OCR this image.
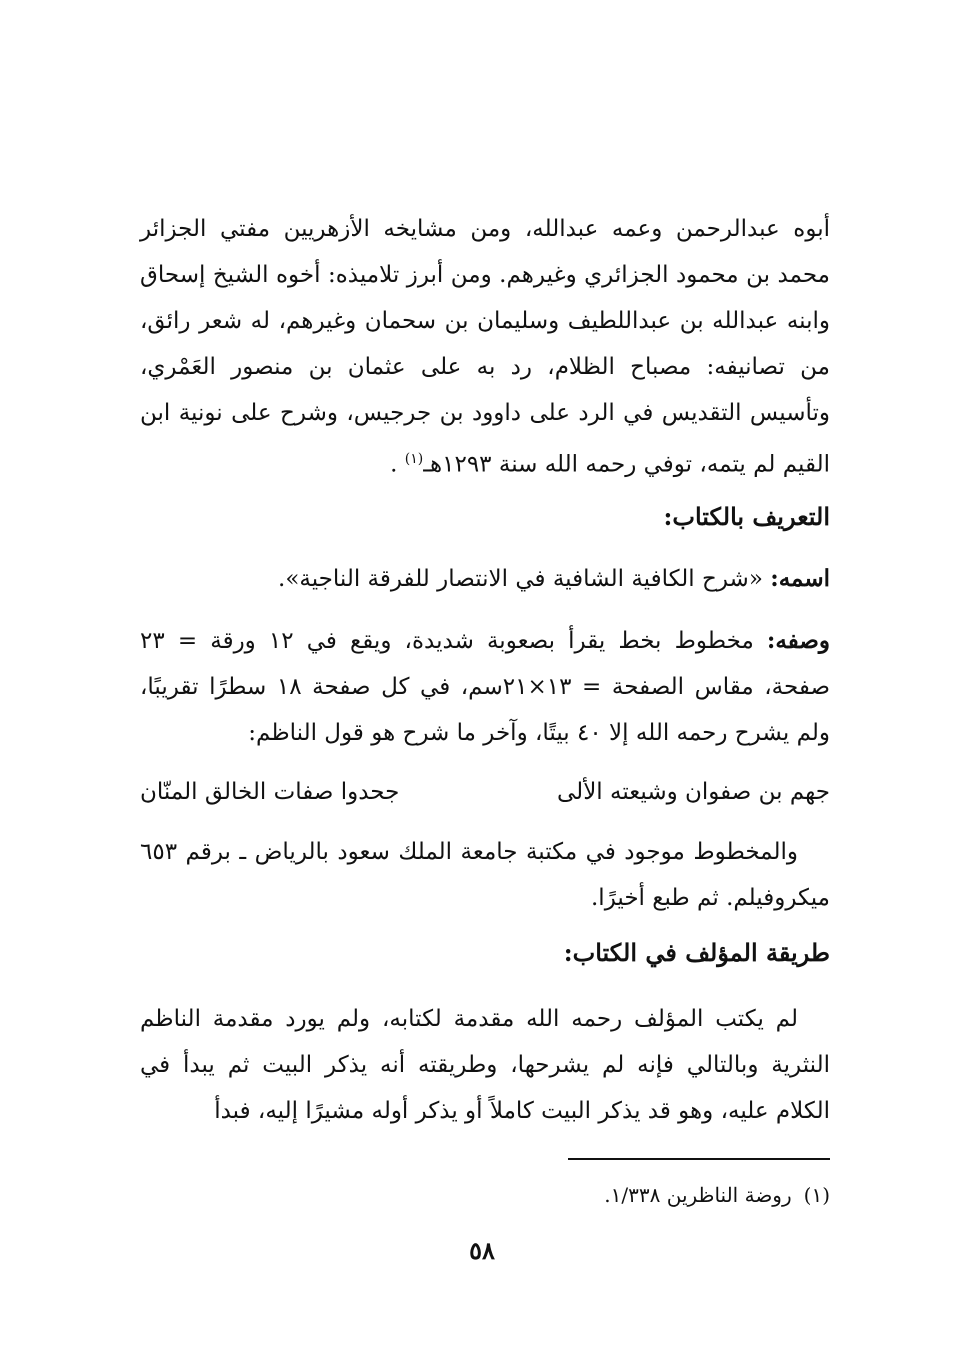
أبوه عبدالرحمن وعمه عبدالله، ومن مشايخه الأزهريين مفتي الجزائر محمد بن محمود الجزائري وغيرهم. ومن أبرز تلاميذه: أخوه الشيخ إسحاق وابنه عبدالله بن عبداللطيف وسليمان بن سحمان وغيرهم، له شعر رائق، من تصانيفه: مصباح الظلام، رد به على عثمان بن منصور العَمْري، وتأسيس التقديس في الرد على داوود بن جرجيس، وشرح على نونية ابن القيم لم يتمه، توفي رحمه الله سنة ١٢٩٣هـ$^{(١)}$ .
التعريف بالكتاب:
اسمه: «شرح الكافية الشافية في الانتصار للفرقة الناجية».
وصفه: مخطوط بخط يقرأ بصعوبة شديدة، ويقع في ١٢ ورقة = ٢٣ صفحة، مقاس الصفحة = ١٣×٢١سم، في كل صفحة ١٨ سطرًا تقريبًا، ولم يشرح رحمه الله إلا ٤٠ بيتًا، وآخر ما شرح هو قول الناظم:
جهم بن صفوان وشيعته الألى
جحدوا صفات الخالق المنّان
والمخطوط موجود في مكتبة جامعة الملك سعود بالرياض ـ برقم ٦٥٣ ميكروفيلم. ثم طبع أخيرًا.
طريقة المؤلف في الكتاب:
لم يكتب المؤلف رحمه الله مقدمة لكتابه، ولم يورد مقدمة الناظم النثرية وبالتالي فإنه لم يشرحها، وطريقته أنه يذكر البيت ثم يبدأ في الكلام عليه، وهو قد يذكر البيت كاملاً أو يذكر أوله مشيرًا إليه، فبدأ
(١)روضة الناظرين ١/٣٣٨.
٥٨
